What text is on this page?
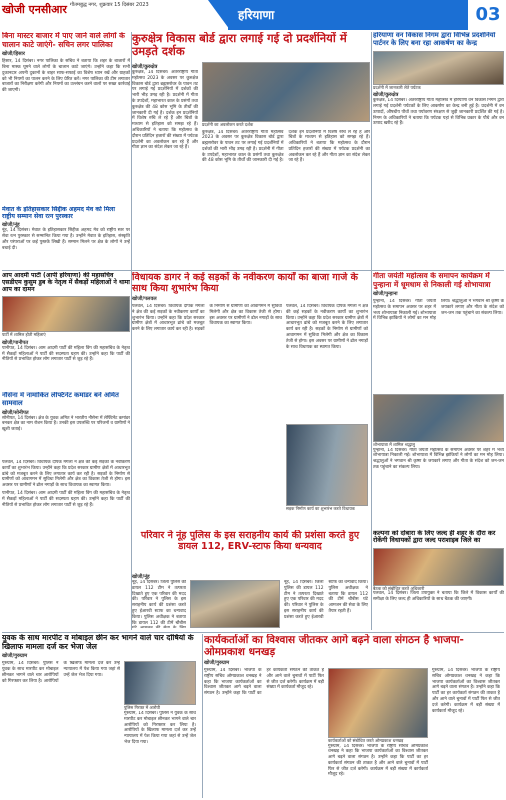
खोजी एनसीआर गौतमबुद्ध नगर, शुक्रवार 15 दिसंबर 2023
हरियाणा	03
बिना मास्टर बाजार में पाए जाने वाले लोगों के चालान काटे जाएंगे- सचिन लगर पालिका
खोजी/हिसार
हिसार, 14 दिसंबर। नगर पालिका के सचिव ने बताया कि शहर के बाजारों में बिना मास्क घूमने वाले लोगों के चालान काटे जाएंगे। उन्होंने कहा कि सभी दुकानदार अपनी दुकानों के बाहर साफ-सफाई का विशेष ध्यान रखें और ग्राहकों को भी नियमों का पालन करने के लिए प्रेरित करें। नगर पालिका की टीम लगातार बाजारों का निरीक्षण करेगी और नियमों का उल्लंघन करने वालों पर सख्त कार्रवाई की जाएगी।
कुरुक्षेत्र विकास बोर्ड द्वारा लगाई गई दो प्रदर्शनियों में उमड़ते दर्शक
खोजी/कुरुक्षेत्र
कुरुक्षेत्र, 14 दिसंबर। अंतरराष्ट्रीय गीता महोत्सव 2023 के अवसर पर कुरुक्षेत्र विकास बोर्ड द्वारा ब्रह्मसरोवर के पावन तट पर लगाई गई प्रदर्शनियों में दर्शकों की भारी भीड़ उमड़ रही है। प्रदर्शनी में गीता के उपदेशों, महाभारत काल के प्रसंगों तथा कुरुक्षेत्र की 48 कोस भूमि के तीर्थों की जानकारी दी गई है। दर्शक इन प्रदर्शनियों में विशेष रुचि ले रहे हैं और चित्रों के माध्यम से इतिहास को समझ रहे हैं। अधिकारियों ने बताया कि महोत्सव के दौरान प्रतिदिन हजारों की संख्या में पर्यटक प्रदर्शनी का अवलोकन कर रहे हैं और गीता ज्ञान का संदेश लेकर जा रहे हैं।
प्रदर्शनी का अवलोकन करते दर्शक
कुरुक्षेत्र, 14 दिसंबर। अंतरराष्ट्रीय गीता महोत्सव 2023 के अवसर पर कुरुक्षेत्र विकास बोर्ड द्वारा ब्रह्मसरोवर के पावन तट पर लगाई गई प्रदर्शनियों में दर्शकों की भारी भीड़ उमड़ रही है। प्रदर्शनी में गीता के उपदेशों, महाभारत काल के प्रसंगों तथा कुरुक्षेत्र की 48 कोस भूमि के तीर्थों की जानकारी दी गई है। दर्शक इन प्रदर्शनियों में विशेष रुचि ले रहे हैं और चित्रों के माध्यम से इतिहास को समझ रहे हैं। अधिकारियों ने बताया कि महोत्सव के दौरान प्रतिदिन हजारों की संख्या में पर्यटक प्रदर्शनी का अवलोकन कर रहे हैं और गीता ज्ञान का संदेश लेकर जा रहे हैं।
हरियाणा वन विकास निगम द्वारा विभिन्न प्रदर्शनियों पार्टनर के लिए बना रहा आकर्षण का केन्द्र
प्रदर्शनी में जानकारी लेते पर्यटक
खोजी/कुरुक्षेत्र
कुरुक्षेत्र, 14 दिसंबर। अंतरराष्ट्रीय गीता महोत्सव में हरियाणा वन विकास निगम द्वारा लगाई गई प्रदर्शनी पर्यटकों के लिए आकर्षण का केन्द्र बनी हुई है। प्रदर्शनी में वन उत्पादों, औषधीय पौधों तथा पर्यावरण संरक्षण से जुड़ी जानकारी प्रदर्शित की गई है। निगम के अधिकारियों ने बताया कि पर्यटक यहां से विभिन्न प्रकार के पौधे और वन उत्पाद खरीद रहे हैं।
मेवात के इतिहासकार सिद्दीक अहमद मेव को मिला राष्ट्रीय सम्मान सेवा रत्न पुरस्कार
खोजी/नूंह
नूंह, 14 दिसंबर। मेवात के इतिहासकार सिद्दीक अहमद मेव को राष्ट्रीय स्तर पर सेवा रत्न पुरस्कार से सम्मानित किया गया है। उन्होंने मेवात के इतिहास, संस्कृति और परंपराओं पर कई पुस्तकें लिखी हैं। सम्मान मिलने पर क्षेत्र के लोगों ने उन्हें बधाई दी।
आप आदमी पार्टी (आपी हरियाणा) की महासचिव एसडीएम कुसुम डुब के नेतृत्व में सैकड़ों महिलाओं ने थामा आप का दामन
पार्टी में शामिल होती महिलाएं
खोजी/पानीपत
पानीपत, 14 दिसंबर। आम आदमी पार्टी की महिला विंग की महासचिव के नेतृत्व में सैकड़ों महिलाओं ने पार्टी की सदस्यता ग्रहण की। उन्होंने कहा कि पार्टी की नीतियों से प्रभावित होकर लोग लगातार पार्टी से जुड़ रहे हैं।
विधायक डागर ने कई सड़कों के नवीकरण कार्यों का बाजा गाजे के साथ किया शुभारंभ किया
खोजी/पलवल
पलवल, 14 दिसंबर। विधायक दीपक मंगला ने क्षेत्र की कई सड़कों के नवीकरण कार्यों का शुभारंभ किया। उन्होंने कहा कि प्रदेश सरकार ग्रामीण क्षेत्रों में आधारभूत ढांचे को मजबूत करने के लिए लगातार कार्य कर रही है। सड़कों के निर्माण से ग्रामीणों को आवागमन में सुविधा मिलेगी और क्षेत्र का विकास तेजी से होगा। इस अवसर पर ग्रामीणों ने ढोल नगाड़ों के साथ विधायक का स्वागत किया।
पलवल, 14 दिसंबर। विधायक दीपक मंगला ने क्षेत्र की कई सड़कों के नवीकरण कार्यों का शुभारंभ किया। उन्होंने कहा कि प्रदेश सरकार ग्रामीण क्षेत्रों में आधारभूत ढांचे को मजबूत करने के लिए लगातार कार्य कर रही है। सड़कों के निर्माण से ग्रामीणों को आवागमन में सुविधा मिलेगी और क्षेत्र का विकास तेजी से होगा। इस अवसर पर ग्रामीणों ने ढोल नगाड़ों के साथ विधायक का स्वागत किया।
सड़क निर्माण कार्य का शुभारंभ करते विधायक
गीता जयंती महोत्सव के समापन कार्यक्रम में पुन्हाना में धूमधाम से निकाली गई शोभायात्रा
खोजी/पुन्हाना
पुन्हाना, 14 दिसंबर। गीता जयंती महोत्सव के समापन अवसर पर शहर में भव्य शोभायात्रा निकाली गई। शोभायात्रा में विभिन्न झांकियों ने लोगों का मन मोह लिया। श्रद्धालुओं ने भगवान श्री कृष्ण के जयकारे लगाए और गीता के संदेश को जन-जन तक पहुंचाने का संकल्प लिया।
शोभायात्रा में शामिल श्रद्धालु
पुन्हाना, 14 दिसंबर। गीता जयंती महोत्सव के समापन अवसर पर शहर में भव्य शोभायात्रा निकाली गई। शोभायात्रा में विभिन्न झांकियों ने लोगों का मन मोह लिया। श्रद्धालुओं ने भगवान श्री कृष्ण के जयकारे लगाए और गीता के संदेश को जन-जन तक पहुंचाने का संकल्प लिया।
नौसेना में नामांकित लेफ्टिनेंट कमांडर बने अमित सामवाल
खोजी/सोनीपत
सोनीपत, 14 दिसंबर। क्षेत्र के युवक अमित ने भारतीय नौसेना में लेफ्टिनेंट कमांडर बनकर क्षेत्र का नाम रोशन किया है। उनकी इस उपलब्धि पर परिजनों व ग्रामीणों ने खुशी जताई।
परिवार ने नूंह पुलिस के इस सराहनीय कार्य की प्रशंसा करते हुए डायल 112, ERV-स्टाफ किया धन्यवाद
खोजी/नूंह
नूंह, 14 दिसंबर। जिला पुलिस की डायल 112 टीम ने तत्परता दिखाते हुए एक परिवार की मदद की। परिवार ने पुलिस के इस सराहनीय कार्य की प्रशंसा करते हुए ईआरवी स्टाफ का धन्यवाद किया। पुलिस अधीक्षक ने बताया कि डायल 112 की टीमें चौबीस
नूंह, 14 दिसंबर। जिला पुलिस की डायल 112 टीम ने तत्परता दिखाते हुए एक परिवार की मदद की। परिवार ने पुलिस के इस सराहनीय कार्य की प्रशंसा करते हुए ईआरवी स्टाफ का धन्यवाद किया। पुलिस अधीक्षक ने बताया कि डायल 112 की टीमें चौबीस घंटे आमजन की सेवा के लिए तैयार रहती हैं।
कल्पना को दोबारा के लिए जल्द ही शहर के दौरा कर रोकेंगी विधायकों द्वारा जल्द पराशाइब जिले का
बैठक को संबोधित करते अधिकारी
पलवल, 14 दिसंबर। जिला उपायुक्त ने बताया कि जिले में विकास कार्यों की समीक्षा के लिए जल्द ही अधिकारियों के साथ बैठक की जाएगी।
पलवल, 14 दिसंबर। विधायक दीपक मंगला ने क्षेत्र की कई सड़कों के नवीकरण कार्यों का शुभारंभ किया। उन्होंने कहा कि प्रदेश सरकार ग्रामीण क्षेत्रों में आधारभूत ढांचे को मजबूत करने के लिए लगातार कार्य कर रही है। सड़कों के निर्माण से ग्रामीणों को आवागमन में सुविधा मिलेगी और क्षेत्र का विकास तेजी से होगा। इस अवसर पर ग्रामीणों ने ढोल नगाड़ों के साथ विधायक का स्वागत किया।
पानीपत, 14 दिसंबर। आम आदमी पार्टी की महिला विंग की महासचिव के नेतृत्व में सैकड़ों महिलाओं ने पार्टी की सदस्यता ग्रहण की। उन्होंने कहा कि पार्टी की नीतियों से प्रभावित होकर लोग लगातार पार्टी से जुड़ रहे हैं।
युवक के साथ मारपीट व मोबाइल छीन कर भागने वाले चार दोषियों के खिलाफ मामला दर्ज कर भेजा जेल
खोजी/गुरुग्राम
गुरुग्राम, 14 दिसंबर। पुलिस ने युवक के साथ मारपीट कर मोबाइल छीनकर भागने वाले चार आरोपियों को गिरफ्तार कर लिया है। आरोपियों के खिलाफ मामला दर्ज कर उन्हें न्यायालय में पेश किया गया जहां से उन्हें जेल भेज दिया गया।
पुलिस गिरफ्त में आरोपी
गुरुग्राम, 14 दिसंबर। पुलिस ने युवक के साथ मारपीट कर मोबाइल छीनकर भागने वाले चार आरोपियों को गिरफ्तार कर लिया है। आरोपियों के खिलाफ मामला दर्ज कर उन्हें न्यायालय में पेश किया गया जहां से उन्हें जेल भेज दिया गया।
कार्यकर्ताओं का विश्वास जीतकर आगे बढ़ने वाला संगठन है भाजपा-ओमप्रकाश धनखड़
खोजी/गुरुग्राम
गुरुग्राम, 14 दिसंबर। भाजपा के राष्ट्रीय सचिव ओमप्रकाश धनखड़ ने कहा कि भाजपा कार्यकर्ताओं का विश्वास जीतकर आगे बढ़ने वाला संगठन है। उन्होंने कहा कि पार्टी का हर कार्यकर्ता संगठन की ताकत है और आने वाले चुनावों में पार्टी फिर से जीत दर्ज करेगी। कार्यक्रम में बड़ी संख्या में कार्यकर्ता मौजूद रहे।
कार्यकर्ताओं को संबोधित करते ओमप्रकाश धनखड़
गुरुग्राम, 14 दिसंबर। भाजपा के राष्ट्रीय सचिव ओमप्रकाश धनखड़ ने कहा कि भाजपा कार्यकर्ताओं का विश्वास जीतकर आगे बढ़ने वाला संगठन है। उन्होंने कहा कि पार्टी का हर कार्यकर्ता संगठन की ताकत है और आने वाले चुनावों में पार्टी फिर से जीत दर्ज करेगी। कार्यक्रम में बड़ी संख्या में कार्यकर्ता मौजूद रहे।
गुरुग्राम, 14 दिसंबर। भाजपा के राष्ट्रीय सचिव ओमप्रकाश धनखड़ ने कहा कि भाजपा कार्यकर्ताओं का विश्वास जीतकर आगे बढ़ने वाला संगठन है। उन्होंने कहा कि पार्टी का हर कार्यकर्ता संगठन की ताकत है और आने वाले चुनावों में पार्टी फिर से जीत दर्ज करेगी। कार्यक्रम में बड़ी संख्या में कार्यकर्ता मौजूद रहे।
